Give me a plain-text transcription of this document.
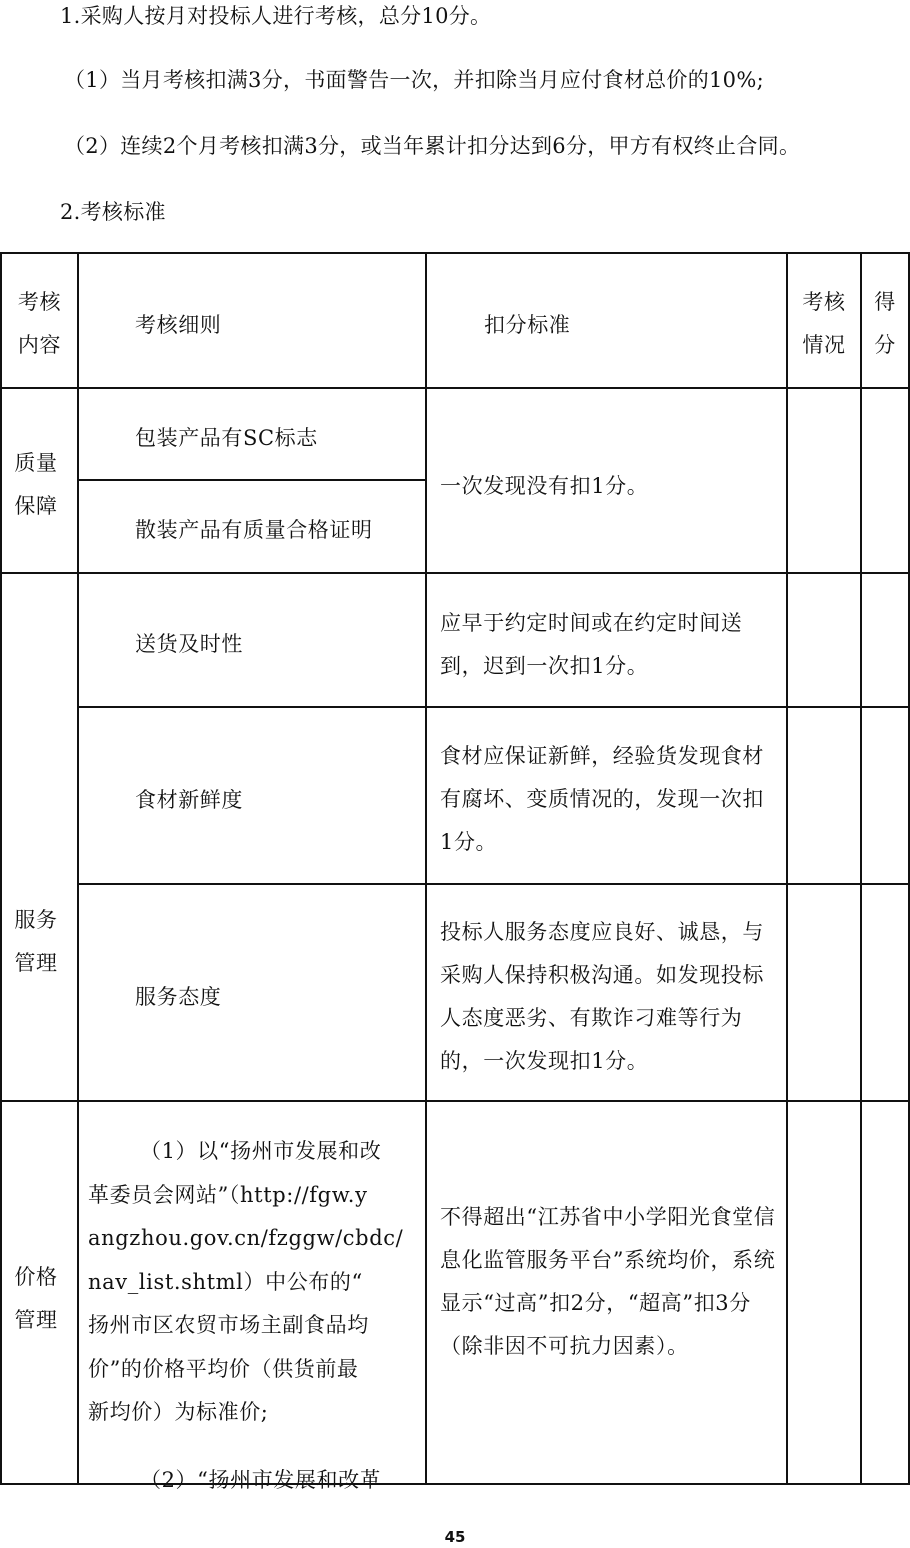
1.采购人按月对投标人进行考核，总分10分。
（1）当月考核扣满3分，书面警告一次，并扣除当月应付食材总价的10%;
（2）连续2个月考核扣满3分，或当年累计扣分达到6分，甲方有权终止合同。
2.考核标准
考核
内容
考核细则	扣分标准
考核
情况
得
分
质量
保障
包装产品有SC标志
散装产品有质量合格证明
一次发现没有扣1分。
服务
管理
送货及时性
应早于约定时间或在约定时间送到，迟到一次扣1分。
食材新鲜度
食材应保证新鲜，经验货发现食材有腐坏、变质情况的，发现一次扣1分。
服务态度
投标人服务态度应良好、诚恳，与采购人保持积极沟通。如发现投标人态度恶劣、有欺诈刁难等行为的，一次发现扣1分。
价格
管理
（1）以“扬州市发展和改
革委员会网站”（http://fgw.y
angzhou.gov.cn/fzggw/cbdc/
nav_list.shtml）中公布的“
扬州市区农贸市场主副食品均
价”的价格平均价（供货前最
新均价）为标准价;
（2）“扬州市发展和改革
不得超出“江苏省中小学阳光食堂信息化监管服务平台”系统均价，系统显示“过高”扣2分，“超高”扣3分（除非因不可抗力因素）。
45
